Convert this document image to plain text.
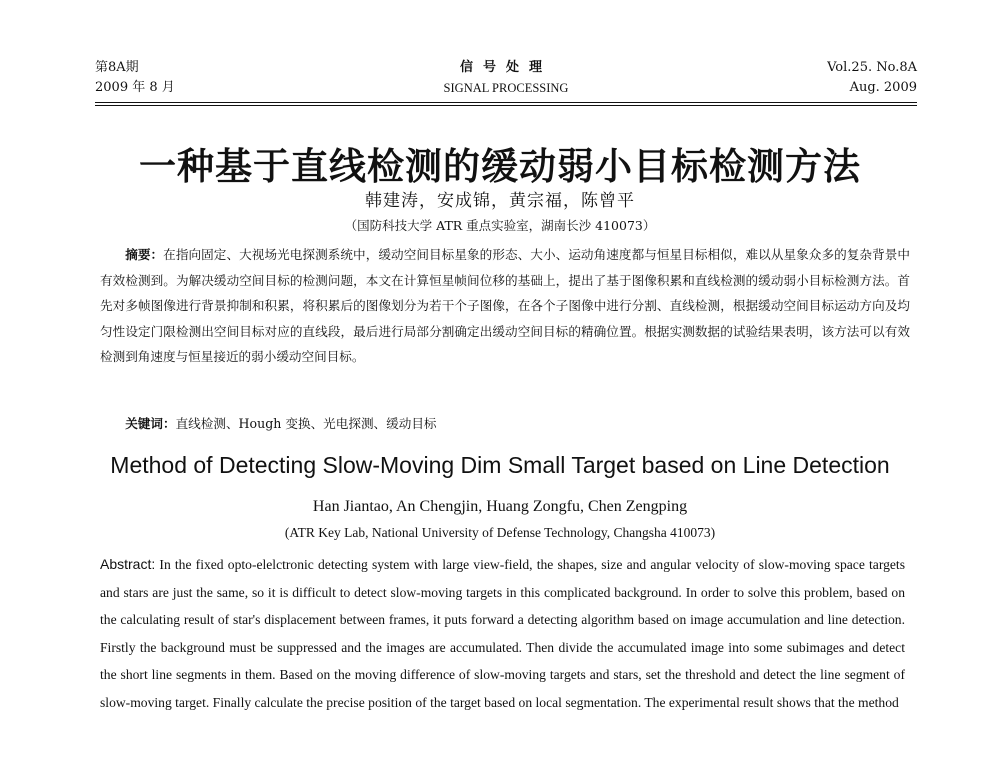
第8A期	信号处理	Vol.25. No.8A
2009 年 8 月	SIGNAL PROCESSING	Aug. 2009
一种基于直线检测的缓动弱小目标检测方法
韩建涛，安成锦，黄宗福，陈曾平
（国防科技大学 ATR 重点实验室，湖南长沙 410073）
摘要：在指向固定、大视场光电探测系统中，缓动空间目标星象的形态、大小、运动角速度都与恒星目标相似，难以从星象众多的复杂背景中有效检测到。为解决缓动空间目标的检测问题，本文在计算恒星帧间位移的基础上，提出了基于图像积累和直线检测的缓动弱小目标检测方法。首先对多帧图像进行背景抑制和积累，将积累后的图像划分为若干个子图像，在各个子图像中进行分割、直线检测，根据缓动空间目标运动方向及均匀性设定门限检测出空间目标对应的直线段，最后进行局部分割确定出缓动空间目标的精确位置。根据实测数据的试验结果表明，该方法可以有效检测到角速度与恒星接近的弱小缓动空间目标。
关键词：直线检测、Hough 变换、光电探测、缓动目标
Method of Detecting Slow-Moving Dim Small Target based on Line Detection
Han Jiantao, An Chengjin, Huang Zongfu, Chen Zengping
(ATR Key Lab, National University of Defense Technology, Changsha 410073)
Abstract: In the fixed opto-elelctronic detecting system with large view-field, the shapes, size and angular velocity of slow-moving space targets and stars are just the same, so it is difficult to detect slow-moving targets in this complicated background. In order to solve this problem, based on the calculating result of star's displacement between frames, it puts forward a detecting algorithm based on image accumulation and line detection. Firstly the background must be suppressed and the images are accumulated. Then divide the accumulated image into some subimages and detect the short line segments in them. Based on the moving difference of slow-moving targets and stars, set the threshold and detect the line segment of slow-moving target. Finally calculate the precise position of the target based on local segmentation. The experimental result shows that the method
